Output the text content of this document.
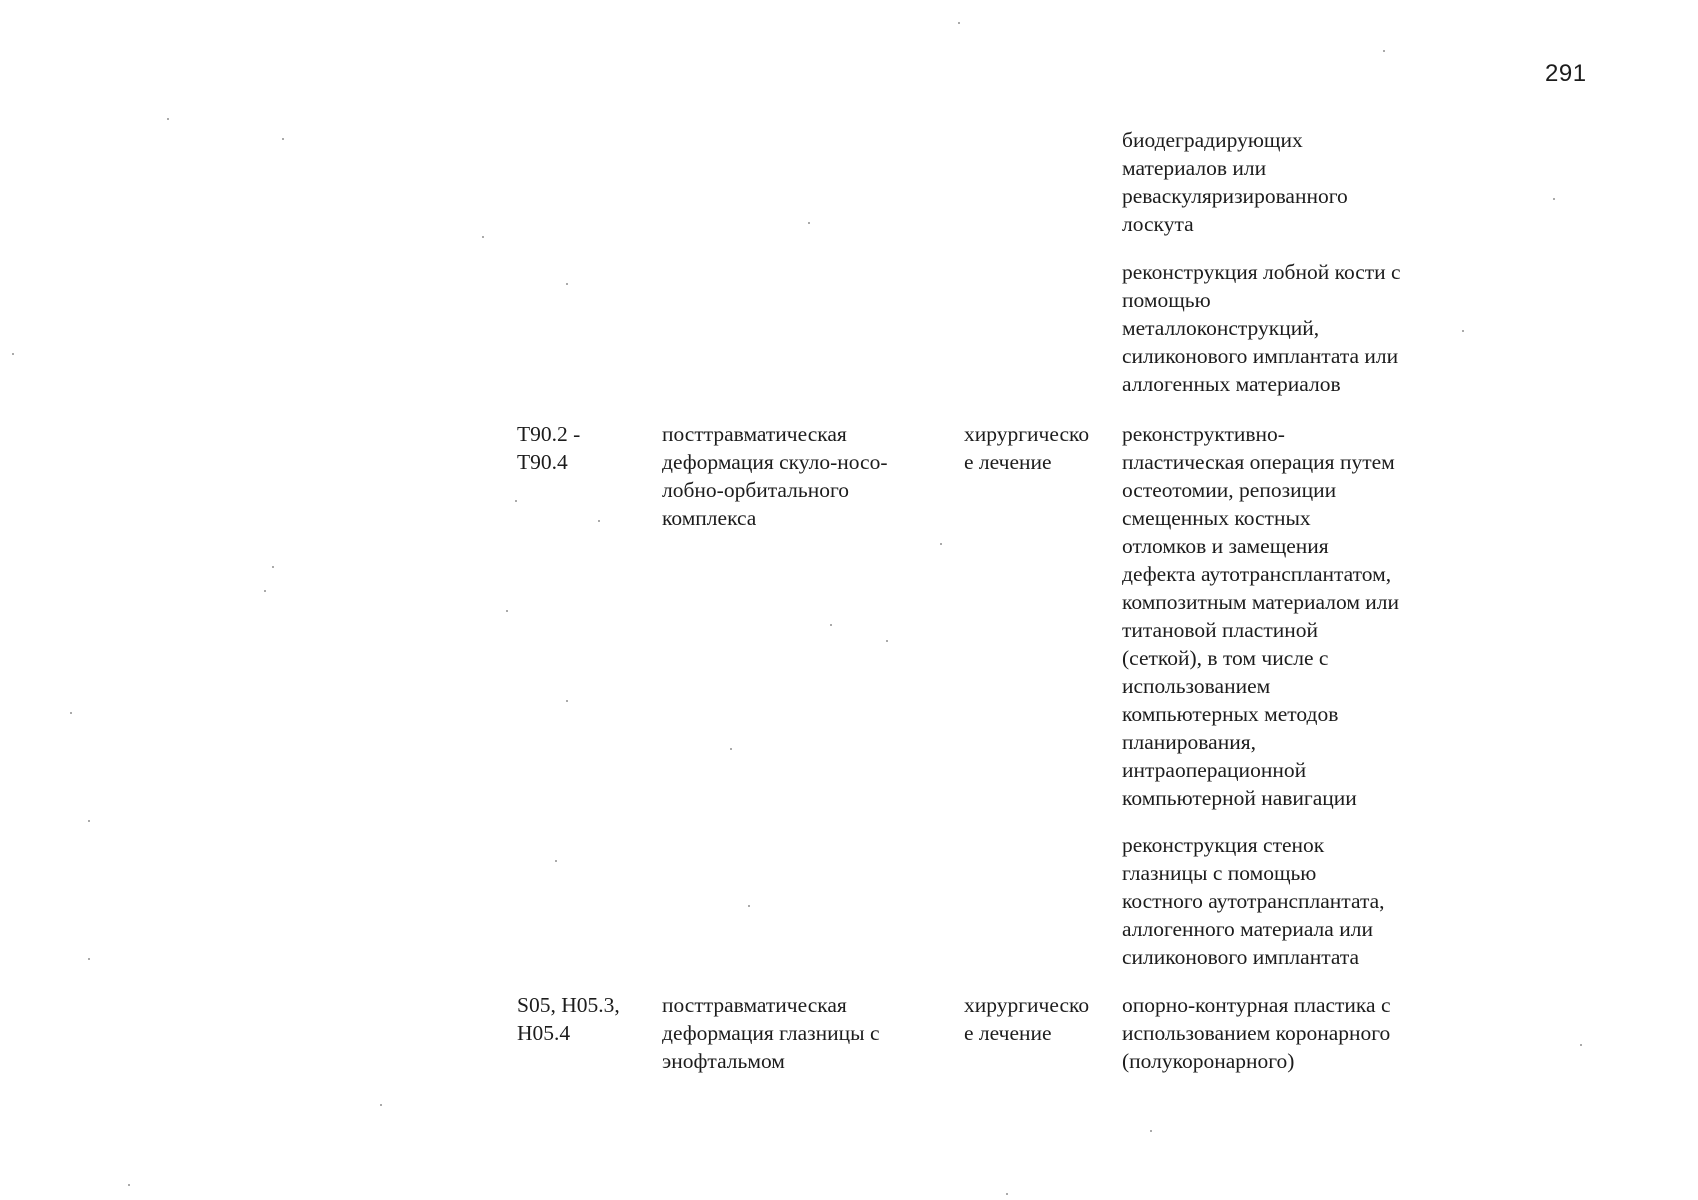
291
биодеградирующих
материалов или
реваскуляризированного
лоскута
реконструкция лобной кости с
помощью
металлоконструкций,
силиконового имплантата или
аллогенных материалов
T90.2 -
T90.4
посттравматическая
деформация скуло-носо-
лобно-орбитального
комплекса
хирургическо
е лечение
реконструктивно-
пластическая операция путем
остеотомии, репозиции
смещенных костных
отломков и замещения
дефекта аутотрансплантатом,
композитным материалом или
титановой пластиной
(сеткой), в том числе с
использованием
компьютерных методов
планирования,
интраоперационной
компьютерной навигации
реконструкция стенок
глазницы с помощью
костного аутотрансплантата,
аллогенного материала или
силиконового имплантата
S05, H05.3,
H05.4
посттравматическая
деформация глазницы с
энофтальмом
хирургическо
е лечение
опорно-контурная пластика с
использованием коронарного
(полукоронарного)
